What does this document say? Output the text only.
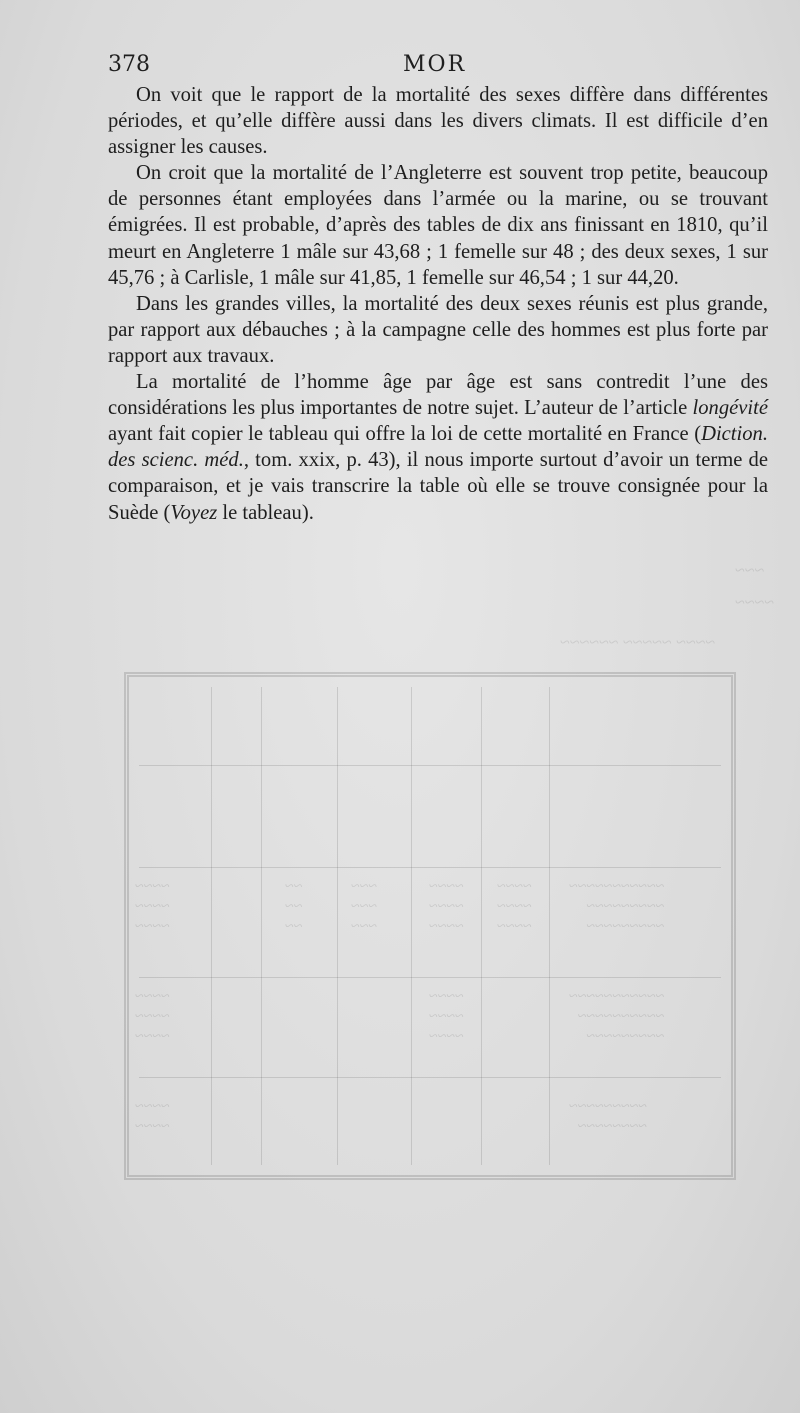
378	MOR

On voit que le rapport de la mortalité des sexes diffère dans différentes périodes, et qu’elle diffère aussi dans les divers climats. Il est difficile d’en assigner les causes.

On croit que la mortalité de l’Angleterre est souvent trop petite, beaucoup de personnes étant employées dans l’armée ou la marine, ou se trouvant émigrées. Il est probable, d’après des tables de dix ans finissant en 1810, qu’il meurt en Angleterre 1 mâle sur 43,68 ; 1 femelle sur 48 ; des deux sexes, 1 sur 45,76 ; à Carlisle, 1 mâle sur 41,85, 1 femelle sur 46,54 ; 1 sur 44,20.

Dans les grandes villes, la mortalité des deux sexes réunis est plus grande, par rapport aux débauches ; à la campagne celle des hommes est plus forte par rapport aux travaux.

La mortalité de l’homme âge par âge est sans contredit l’une des considérations les plus importantes de notre sujet. L’auteur de l’article longévité ayant fait copier le tableau qui offre la loi de cette mortalité en France (Diction. des scienc. méd., tom. xxix, p. 43), il nous importe surtout d’avoir un terme de comparaison, et je vais transcrire la table où elle se trouve consignée pour la Suède (Voyez le tableau).

~~~~ ~~~~~ ~~~~~~
~~~
~~~~
~~~~
~~~~
~~~~
~~
~~
~~
~~~
~~~
~~~
~~~~
~~~~
~~~~
~~~~
~~~~
~~~~
~~~~~~~~~~~
~~~~~~~~~
~~~~~~~~~
~~~~
~~~~
~~~~
~~~~
~~~~
~~~~
~~~~~~~~~~~
~~~~~~~~~~
~~~~~~~~~
~~~~
~~~~
~~~~~~~~~
~~~~~~~~
